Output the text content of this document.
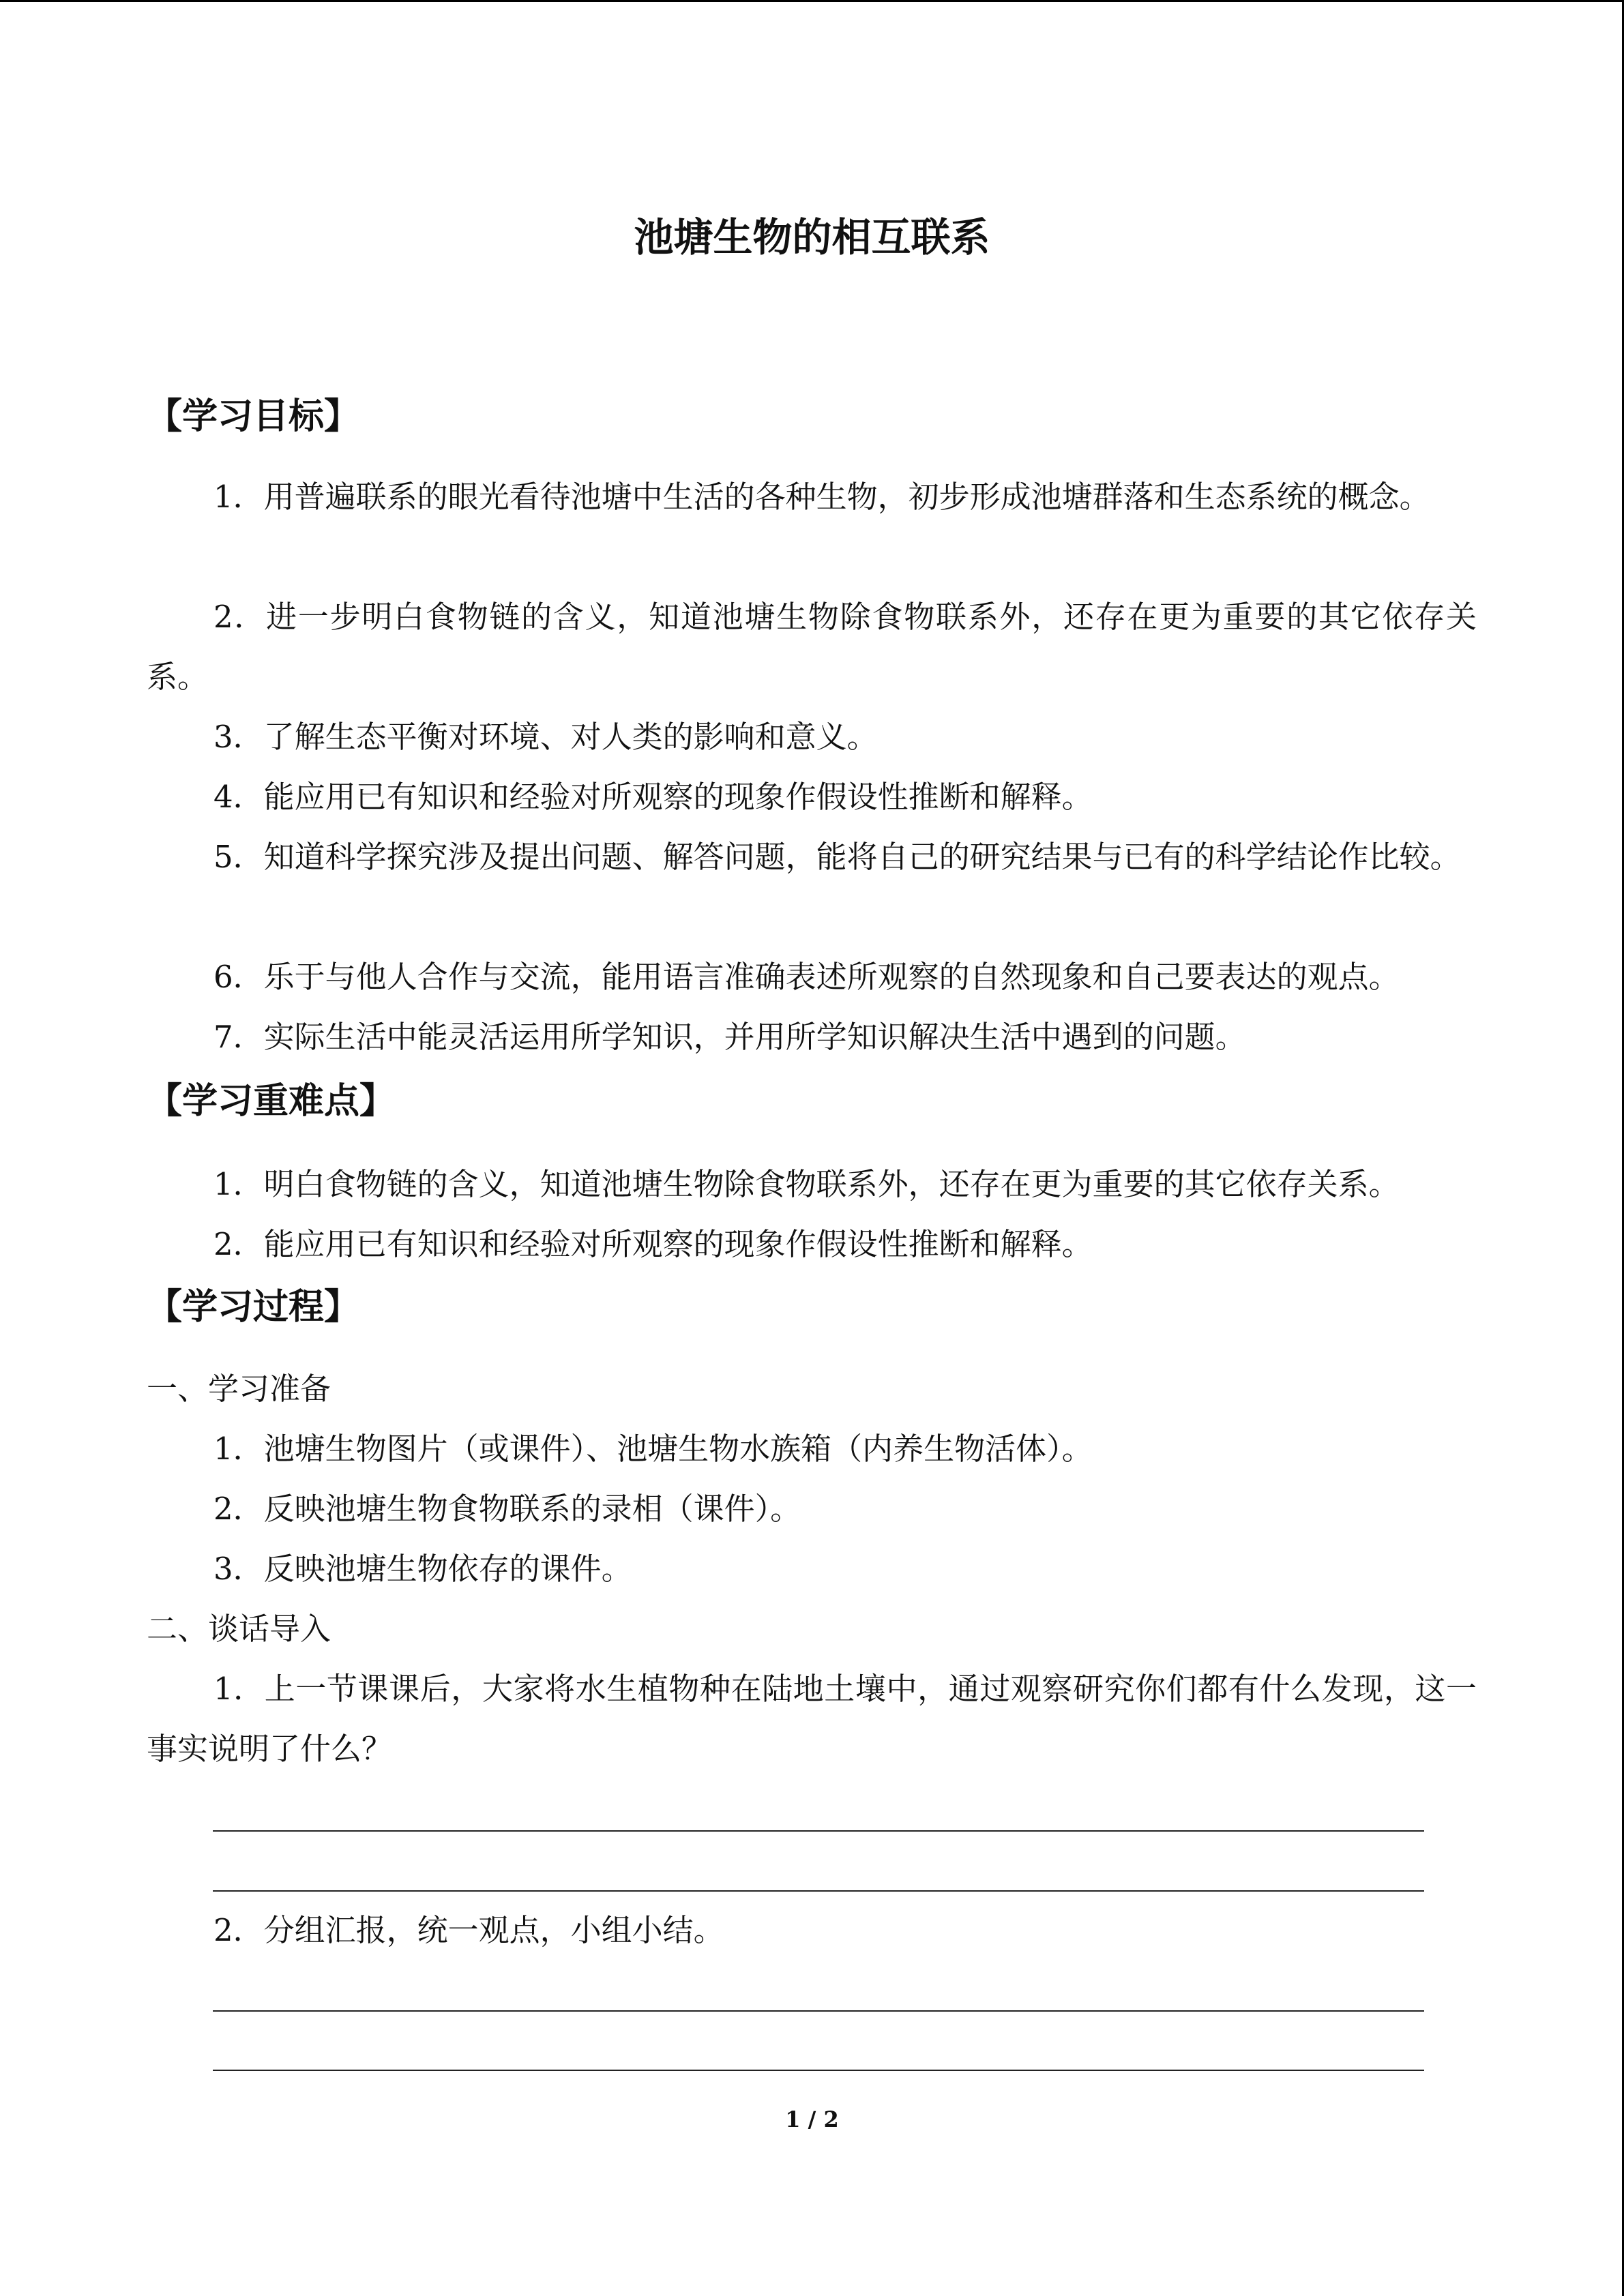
池塘生物的相互联系
【学习目标】

1．用普遍联系的眼光看待池塘中生活的各种生物，初步形成池塘群落和生态系统的概念。

2．进一步明白食物链的含义，知道池塘生物除食物联系外，还存在更为重要的其它依存关系。

3．了解生态平衡对环境、对人类的影响和意义。

4．能应用已有知识和经验对所观察的现象作假设性推断和解释。

5．知道科学探究涉及提出问题、解答问题，能将自己的研究结果与已有的科学结论作比较。

6．乐于与他人合作与交流，能用语言准确表述所观察的自然现象和自己要表达的观点。

7．实际生活中能灵活运用所学知识，并用所学知识解决生活中遇到的问题。

【学习重难点】

1．明白食物链的含义，知道池塘生物除食物联系外，还存在更为重要的其它依存关系。

2．能应用已有知识和经验对所观察的现象作假设性推断和解释。

【学习过程】

一、学习准备

1．池塘生物图片（或课件）、池塘生物水族箱（内养生物活体）。

2．反映池塘生物食物联系的录相（课件）。

3．反映池塘生物依存的课件。

二、谈话导入

1．上一节课课后，大家将水生植物种在陆地土壤中，通过观察研究你们都有什么发现，这一事实说明了什么？

2．分组汇报，统一观点，小组小结。

1 / 2
